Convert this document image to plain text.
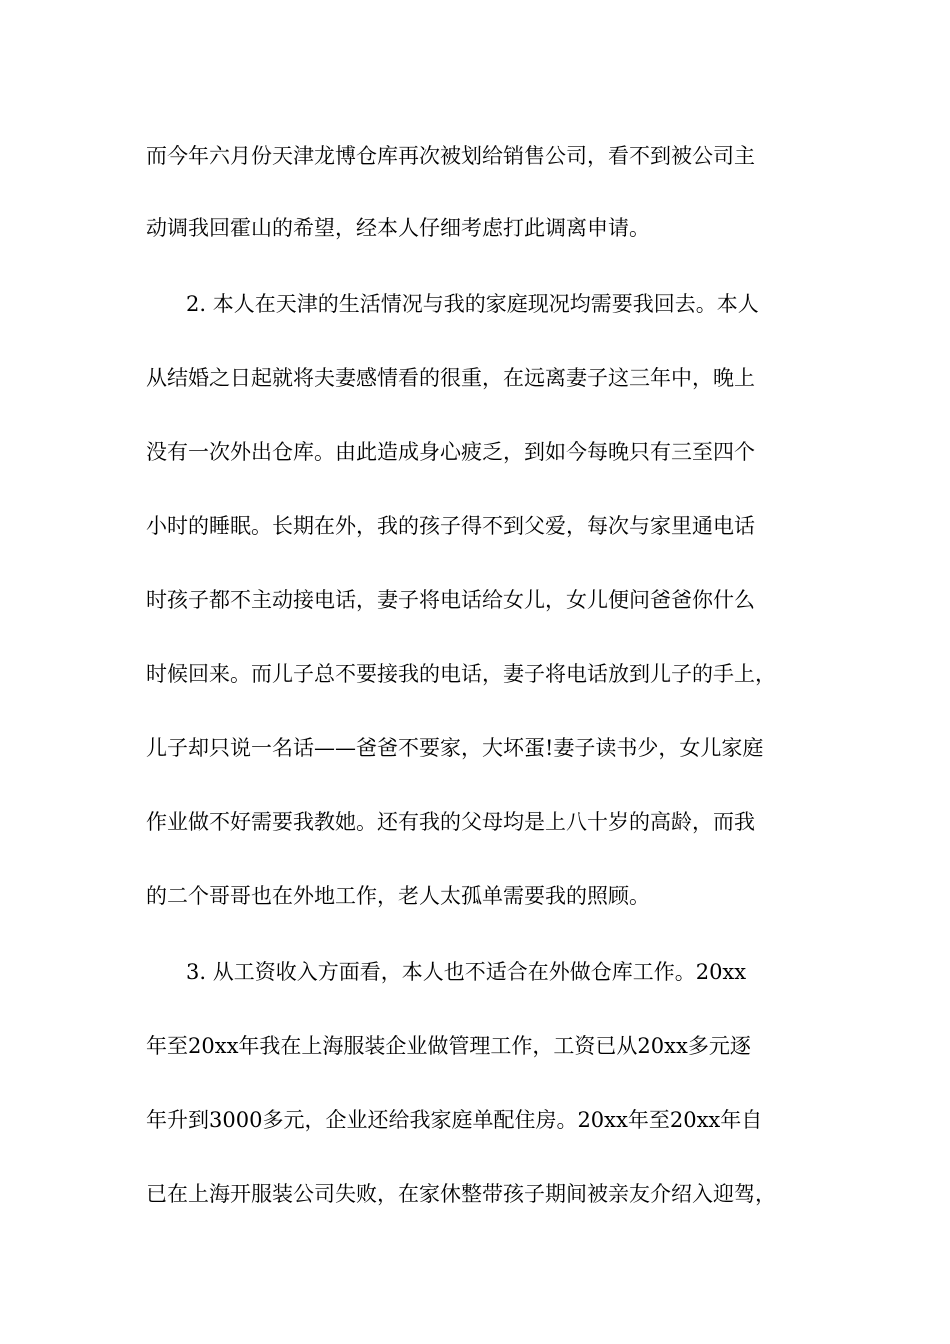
而今年六月份天津龙博仓库再次被划给销售公司，看不到被公司主
动调我回霍山的希望，经本人仔细考虑打此调离申请。
2. 本人在天津的生活情况与我的家庭现况均需要我回去。本人
从结婚之日起就将夫妻感情看的很重，在远离妻子这三年中，晚上
没有一次外出仓库。由此造成身心疲乏，到如今每晚只有三至四个
小时的睡眠。长期在外，我的孩子得不到父爱，每次与家里通电话
时孩子都不主动接电话，妻子将电话给女儿，女儿便问爸爸你什么
时候回来。而儿子总不要接我的电话，妻子将电话放到儿子的手上，
儿子却只说一名话——爸爸不要家，大坏蛋!妻子读书少，女儿家庭
作业做不好需要我教她。还有我的父母均是上八十岁的高龄，而我
的二个哥哥也在外地工作，老人太孤单需要我的照顾。
3. 从工资收入方面看，本人也不适合在外做仓库工作。20xx
年至20xx年我在上海服装企业做管理工作，工资已从20xx多元逐
年升到3000多元，企业还给我家庭单配住房。20xx年至20xx年自
已在上海开服装公司失败，在家休整带孩子期间被亲友介绍入迎驾，
